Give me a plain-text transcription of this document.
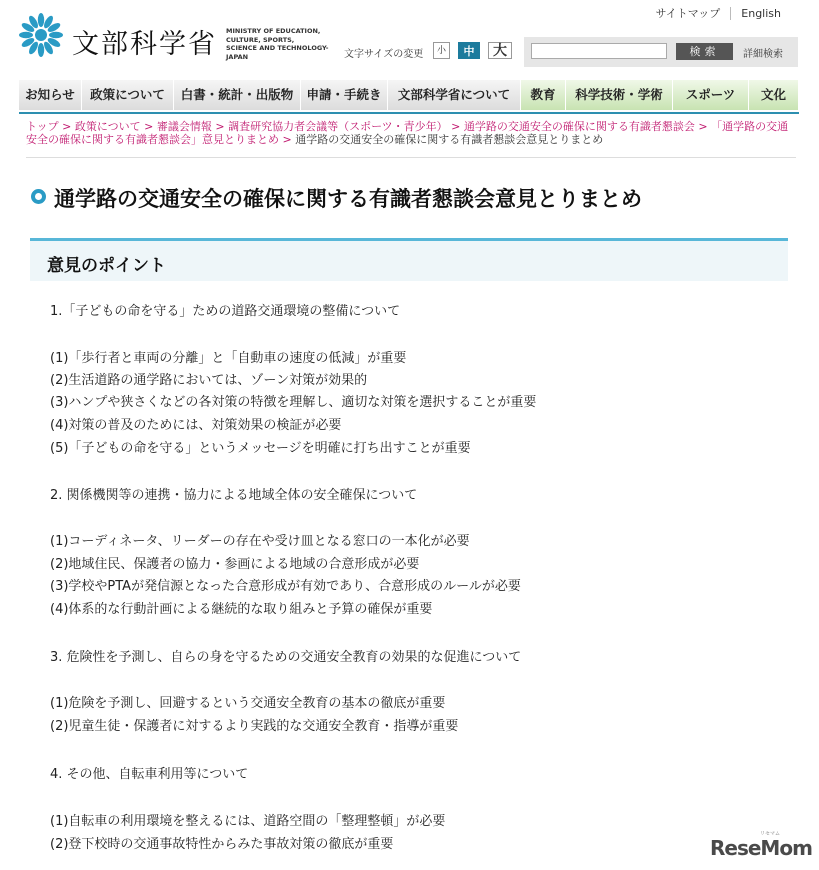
文部科学省 MINISTRY OF EDUCATION,
CULTURE, SPORTS,
SCIENCE AND TECHNOLOGY-JAPAN
サイトマップ English
文字サイズの変更	小	中	大	検索	詳細検索
お知らせ	政策について	白書・統計・出版物	申請・手続き	文部科学省について	教育	科学技術・学術	スポーツ	文化
トップ > 政策について > 審議会情報 > 調査研究協力者会議等（スポーツ・青少年） > 通学路の交通安全の確保に関する有識者懇談会 > 「通学路の交通安全の確保に関する有識者懇談会」意見とりまとめ > 通学路の交通安全の確保に関する有識者懇談会意見とりまとめ
通学路の交通安全の確保に関する有識者懇談会意見とりまとめ
意見のポイント
1.「子どもの命を守る」ための道路交通環境の整備について
(1)「歩行者と車両の分離」と「自動車の速度の低減」が重要
(2)生活道路の通学路においては、ゾーン対策が効果的
(3)ハンプや狭さくなどの各対策の特徴を理解し、適切な対策を選択することが重要
(4)対策の普及のためには、対策効果の検証が必要
(5)「子どもの命を守る」というメッセージを明確に打ち出すことが重要
2. 関係機関等の連携・協力による地域全体の安全確保について
(1)コーディネータ、リーダーの存在や受け皿となる窓口の一本化が必要
(2)地域住民、保護者の協力・参画による地域の合意形成が必要
(3)学校やPTAが発信源となった合意形成が有効であり、合意形成のルールが必要
(4)体系的な行動計画による継続的な取り組みと予算の確保が重要
3. 危険性を予測し、自らの身を守るための交通安全教育の効果的な促進について
(1)危険を予測し、回避するという交通安全教育の基本の徹底が重要
(2)児童生徒・保護者に対するより実践的な交通安全教育・指導が重要
4. その他、自転車利用等について
(1)自転車の利用環境を整えるには、道路空間の「整理整頓」が必要
(2)登下校時の交通事故特性からみた事故対策の徹底が重要
リセマム
ReseMom
